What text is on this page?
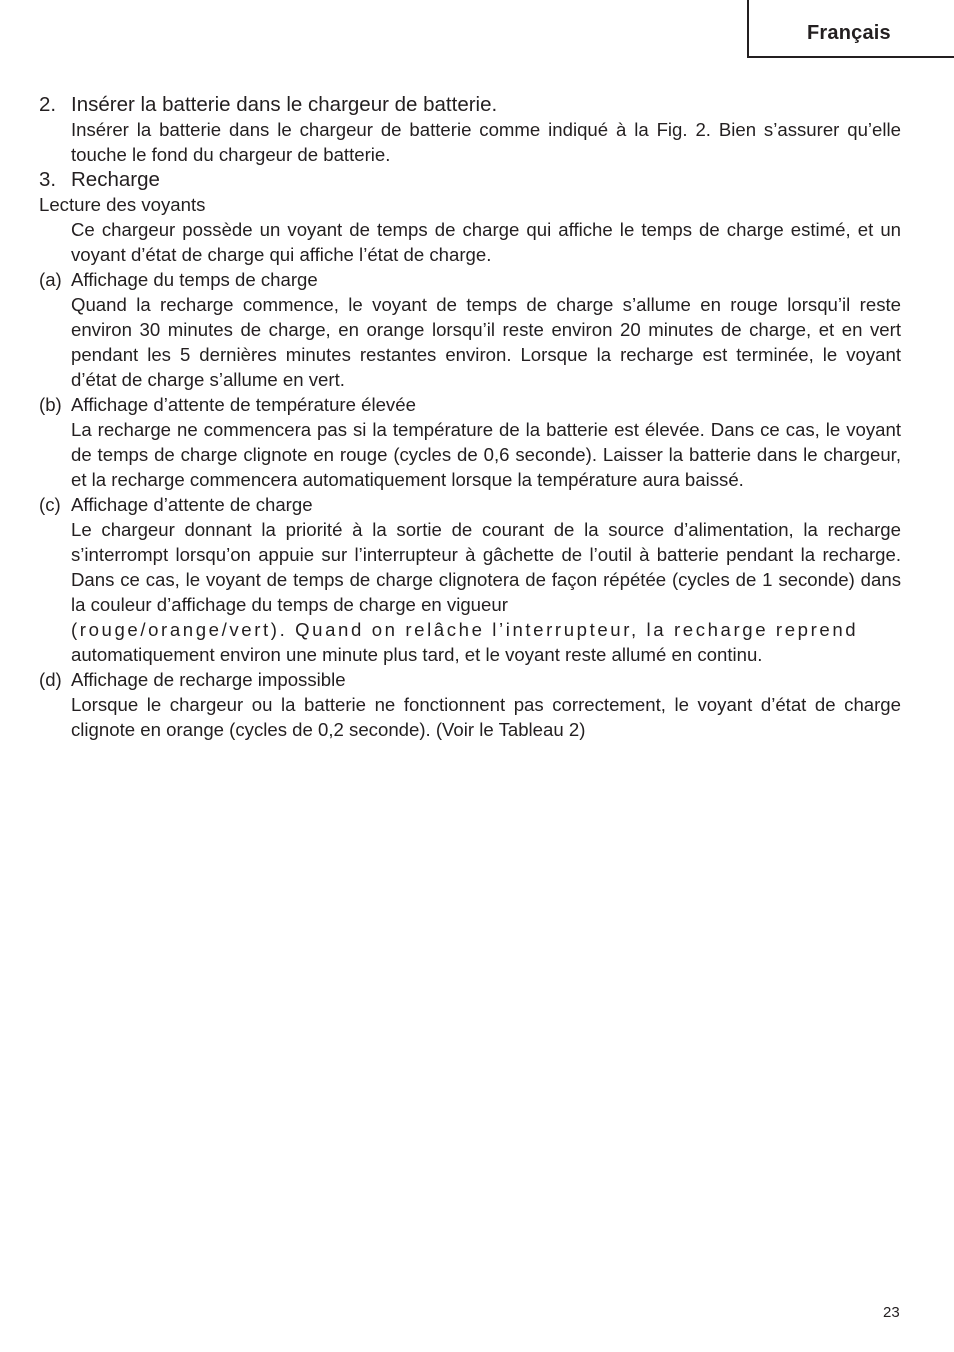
Français
2. Insérer la batterie dans le chargeur de batterie.
Insérer la batterie dans le chargeur de batterie comme indiqué à la Fig. 2. Bien s’assurer qu’elle touche le fond du chargeur de batterie.
3. Recharge
Lecture des voyants
Ce chargeur possède un voyant de temps de charge qui affiche le temps de charge estimé, et un voyant d’état de charge qui affiche l’état de charge.
(a) Affichage du temps de charge
Quand la recharge commence, le voyant de temps de charge s’allume en rouge lorsqu’il reste environ 30 minutes de charge, en orange lorsqu’il reste environ 20 minutes de charge, et en vert pendant les 5 dernières minutes restantes environ. Lorsque la recharge est terminée, le voyant d’état de charge s’allume en vert.
(b) Affichage d’attente de température élevée
La recharge ne commencera pas si la température de la batterie est élevée. Dans ce cas, le voyant de temps de charge clignote en rouge (cycles de 0,6 seconde). Laisser la batterie dans le chargeur, et la recharge commencera automatiquement lorsque la température aura baissé.
(c) Affichage d’attente de charge
Le chargeur donnant la priorité à la sortie de courant de la source d’alimentation, la recharge s’interrompt lorsqu’on appuie sur l’interrupteur à gâchette de l’outil à batterie pendant la recharge. Dans ce cas, le voyant de temps de charge clignotera de façon répétée (cycles de 1 seconde) dans la couleur d’affichage du temps de charge en vigueur
(rouge/orange/vert). Quand on relâche l’interrupteur, la recharge reprend
automatiquement environ une minute plus tard, et le voyant reste allumé en continu.
(d) Affichage de recharge impossible
Lorsque le chargeur ou la batterie ne fonctionnent pas correctement, le voyant d’état de charge clignote en orange (cycles de 0,2 seconde). (Voir le Tableau 2)
23
